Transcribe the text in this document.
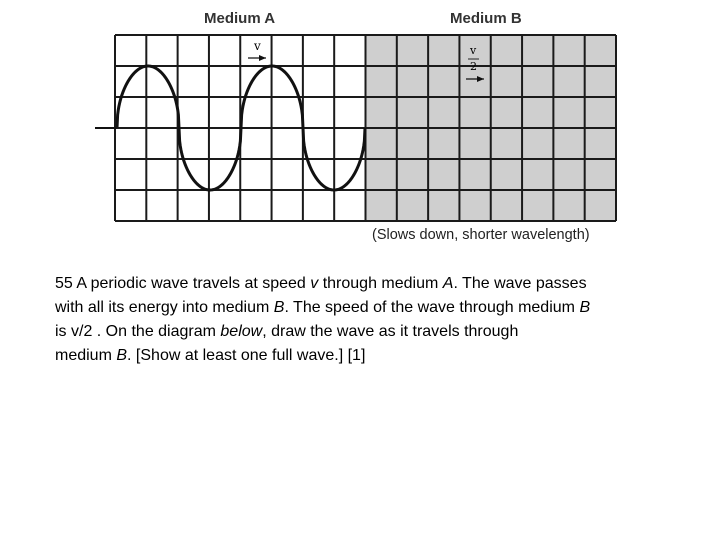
Medium A	Medium B
v	v
2
(Slows down, shorter wavelength)
55 A periodic wave travels at speed v through medium A. The wave passes
with all its energy into medium B. The speed of the wave through medium B
is v/2 . On the diagram below, draw the wave as it travels through
medium B. [Show at least one full wave.] [1]
